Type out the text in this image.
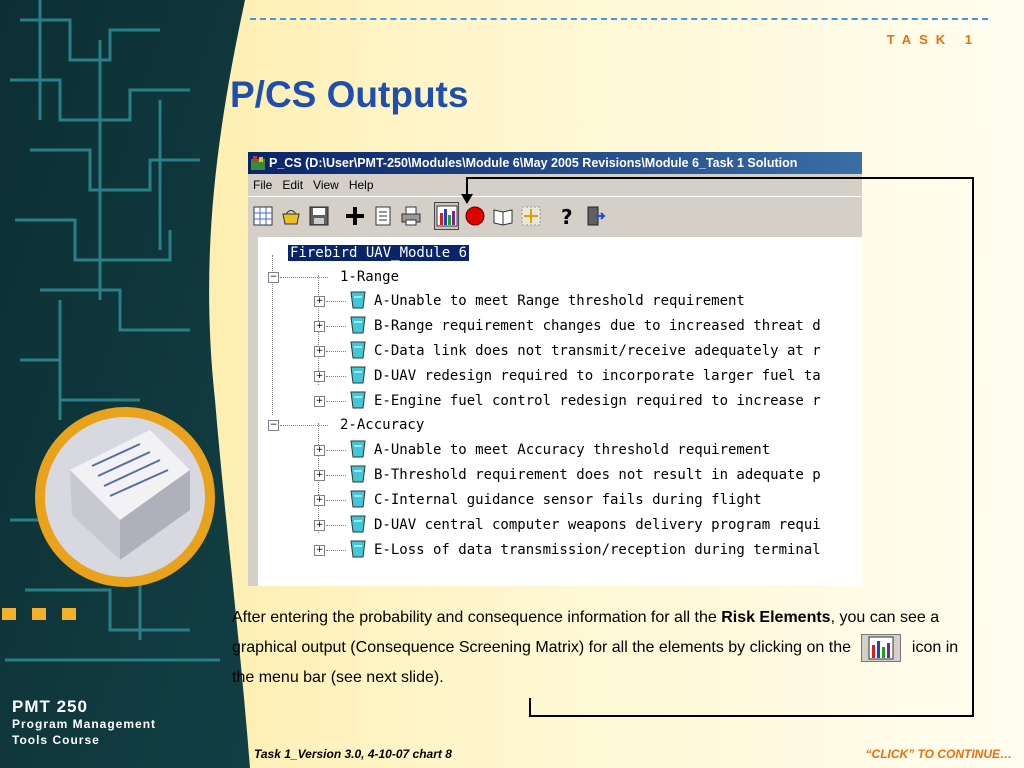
PMT 250
Program Management
Tools Course
TASK 1
P/CS Outputs
P_CS (D:\User\PMT-250\Modules\Module 6\May 2005 Revisions\Module 6_Task 1 Solution
File Edit View Help
?
Firebird UAV_Module 6
−	1-Range
+	A-Unable to meet Range threshold requirement
+	B-Range requirement changes due to increased threat d
+	C-Data link does not transmit/receive adequately at r
+	D-UAV redesign required to incorporate larger fuel ta
+	E-Engine fuel control redesign required to increase r
−	2-Accuracy
+	A-Unable to meet Accuracy threshold requirement
+	B-Threshold requirement does not result in adequate p
+	C-Internal guidance sensor fails during flight
+	D-UAV central computer weapons delivery program requi
+	E-Loss of data transmission/reception during terminal
After entering the probability and consequence information for all the Risk Elements, you can see a graphical output (Consequence Screening Matrix) for all the elements by clicking on the	icon in the menu bar (see next slide).
Task 1_Version 3.0, 4-10-07 chart 8	“CLICK” TO CONTINUE…
